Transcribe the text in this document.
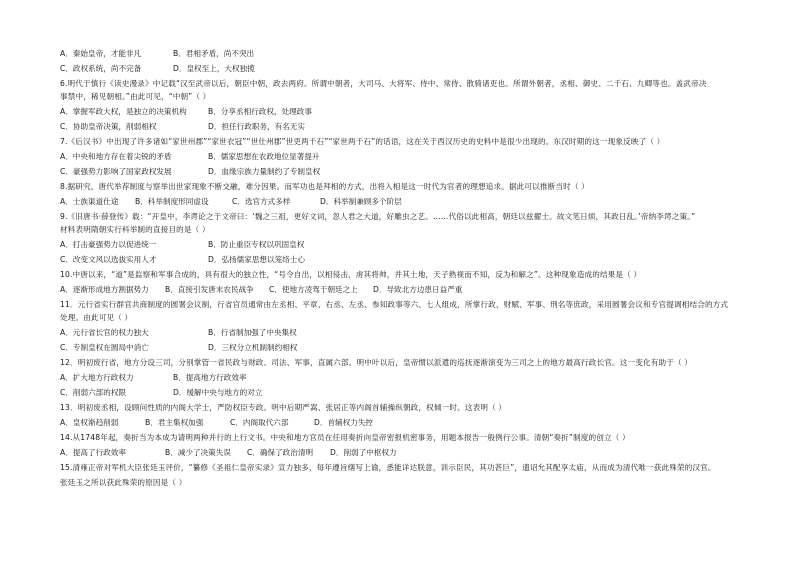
A．秦始皇帝，才能非凡	B．君相矛盾，尚不突出
C．政权系统，尚不完备	D．皇权至上，大权独揽
6.明代于慎行《读史漫录》中记载“汉至武帝以后，朝臣中朝，政去两府。所谓中朝者，大司马、大将军、侍中、常侍、散骑诸吏也。所谓外朝者，丞相、御史、二千石、九卿等也。盖武帝决
事禁中，稀见朝相。”由此可见，“中朝”（ ）
A．掌握军政大权，是独立的决策机构	B．分享丞相行政权，处理政事
C．协助皇帝决策，削弱相权	D．担任行政职务，有名无实
7.《后汉书》中出现了许多诸如“家世州郡”“家世衣冠”“世仕州郡”世吏两千石”“家世两千石”的话语，这在关于西汉历史的史料中是很少出现的。东汉时期的这一现象反映了（ ）
A．中央和地方存在着尖锐的矛盾	B．儒家思想在农政地位显著提升
C．豪强势力影响了国家政权发展	D．血缘宗族力量制约了专制皇权
8.据研究，唐代举荐制度与察举出世家现象不断交融，难分因果。而军功也是拜相的方式，出将入相是这一时代为官者的理想追求。据此可以推断当时（ ）
A．士族渠道仕途 B．科举制度形同虚设	C．选官方式多样	D．科举制兼顾多个阶层
9.《旧唐书·薛登传》载：“开皇中，李谔论之于文帝曰：‘魏之三祖，更好文词，忽人君之大道，好雕虫之艺。……代俗以此相高，朝廷以兹擢士。故文笔日烦，其政日乱。’帝纳李谔之策。”
材料表明隋朝实行科举制的直接目的是（ ）
A．打击豪强势力以促进统一	B．防止重臣专权以巩固皇权
C．改变文风以选拔实用人才	D．弘扬儒家思想以笼络士心
10.中唐以来，“道”是监察和军事合成的，具有很大的独立性，“号令自出，以相侵击，虏其将帅，并其土地，天子熟视而不知，反为和解之”。这种现象造成的结果是（ ）
A．逐渐形成地方割据势力 B．直接引发唐末农民战争 C．使地方凌驾于朝廷之上 D．导致北方边患日益严重
11．元行省实行群官共商制度的圆署会议制，行省官员通常由左丞相、平章、右丞、左丞、参知政事等六、七人组成，所掌行政、财赋、军事、刑名等庶政，采用圆署会议和专官提调相结合的方式
处理。由此可见（ ）
A．元行省长官的权力独大	B．行省制加强了中央集权
C．专制皇权在圆局中消亡	D．三权分立机制制约相权
12．明初废行省，地方分设三司，分别掌管一省民政与财政、司法、军事，直属六部。明中叶以后，皇帝惯以派遣的巡抚逐渐演变为三司之上的地方最高行政长官。这一变化有助于（ ）
A．扩大地方行政权力	B．提高地方行政效率
C．削弱六部的权限	D．缓解中央与地方的对立
13．明初废丞相，设顾问性质的内阁大学士，严防权臣专政。明中后期严嵩、张居正等内阁首辅操纵朝政，权倾一时。这表明（ ）
A．皇权渐趋削弱	B．君主集权加强	C．内阁取代六部	D．首辅权力失控
14.从1748年起，奏折当为本成为请明两种并行的上行文书。中央和地方官员在任用奏折向皇帝密报机密事务，用题本报告一般例行公事。清朝“奏折”制度的创立（ ）
A．提高了行政效率	B．减少了决策失误 C．确保了政治清明 D．削弱了中枢权力
15.清雍正帝对军机大臣张廷玉评价，“纂修《圣祖仁皇帝实录》宣力独多，每年遵旨缮写上谕，悉能详达朕意，训示臣民，其功甚巨”，遗诏允其配享太庙，从而成为清代唯一获此殊荣的汉官。
张廷玉之所以获此殊荣的原因是（ ）
